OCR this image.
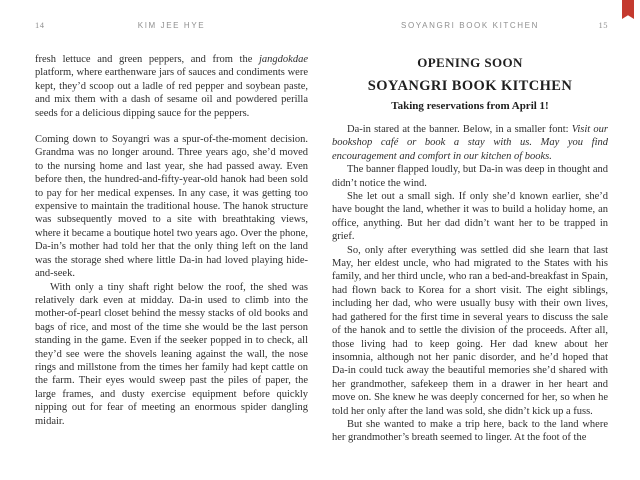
14	KIM JEE HYE

fresh lettuce and green peppers, and from the jangdokdae platform, where earthenware jars of sauces and condiments were kept, they’d scoop out a ladle of red pepper and soybean paste, and mix them with a dash of sesame oil and powdered perilla seeds for a delicious dipping sauce for the peppers.

Coming down to Soyangri was a spur-of-the-moment decision. Grandma was no longer around. Three years ago, she’d moved to the nursing home and last year, she had passed away. Even before then, the hundred-and-fifty-year-old hanok had been sold to pay for her medical expenses. In any case, it was getting too expensive to maintain the traditional house. The hanok structure was subsequently moved to a site with breathtaking views, where it became a boutique hotel two years ago. Over the phone, Da-in’s mother had told her that the only thing left on the land was the storage shed where little Da-in had loved playing hide-and-seek.

With only a tiny shaft right below the roof, the shed was relatively dark even at midday. Da-in used to climb into the mother-of-pearl closet behind the messy stacks of old books and bags of rice, and most of the time she would be the last person standing in the game. Even if the seeker popped in to check, all they’d see were the shovels leaning against the wall, the nose rings and millstone from the times her family had kept cattle on the farm. Their eyes would sweep past the piles of paper, the large frames, and dusty exercise equipment before quickly nipping out for fear of meeting an enormous spider dangling midair.

SOYANGRI BOOK KITCHEN	15
OPENING SOON
SOYANGRI BOOK KITCHEN
Taking reservations from April 1!

Da-in stared at the banner. Below, in a smaller font: Visit our bookshop café or book a stay with us. May you find encouragement and comfort in our kitchen of books.

The banner flapped loudly, but Da-in was deep in thought and didn’t notice the wind.

She let out a small sigh. If only she’d known earlier, she’d have bought the land, whether it was to build a holiday home, an office, anything. But her dad didn’t want her to be trapped in grief.

So, only after everything was settled did she learn that last May, her eldest uncle, who had migrated to the States with his family, and her third uncle, who ran a bed-and-breakfast in Spain, had flown back to Korea for a short visit. The eight siblings, including her dad, who were usually busy with their own lives, had gathered for the first time in several years to discuss the sale of the hanok and to settle the division of the proceeds. After all, those living had to keep going. Her dad knew about her insomnia, although not her panic disorder, and he’d hoped that Da-in could tuck away the beautiful memories she’d shared with her grandmother, safekeep them in a drawer in her heart and move on. She knew he was deeply concerned for her, so when he told her only after the land was sold, she didn’t kick up a fuss.

But she wanted to make a trip here, back to the land where her grandmother’s breath seemed to linger. At the foot of the
